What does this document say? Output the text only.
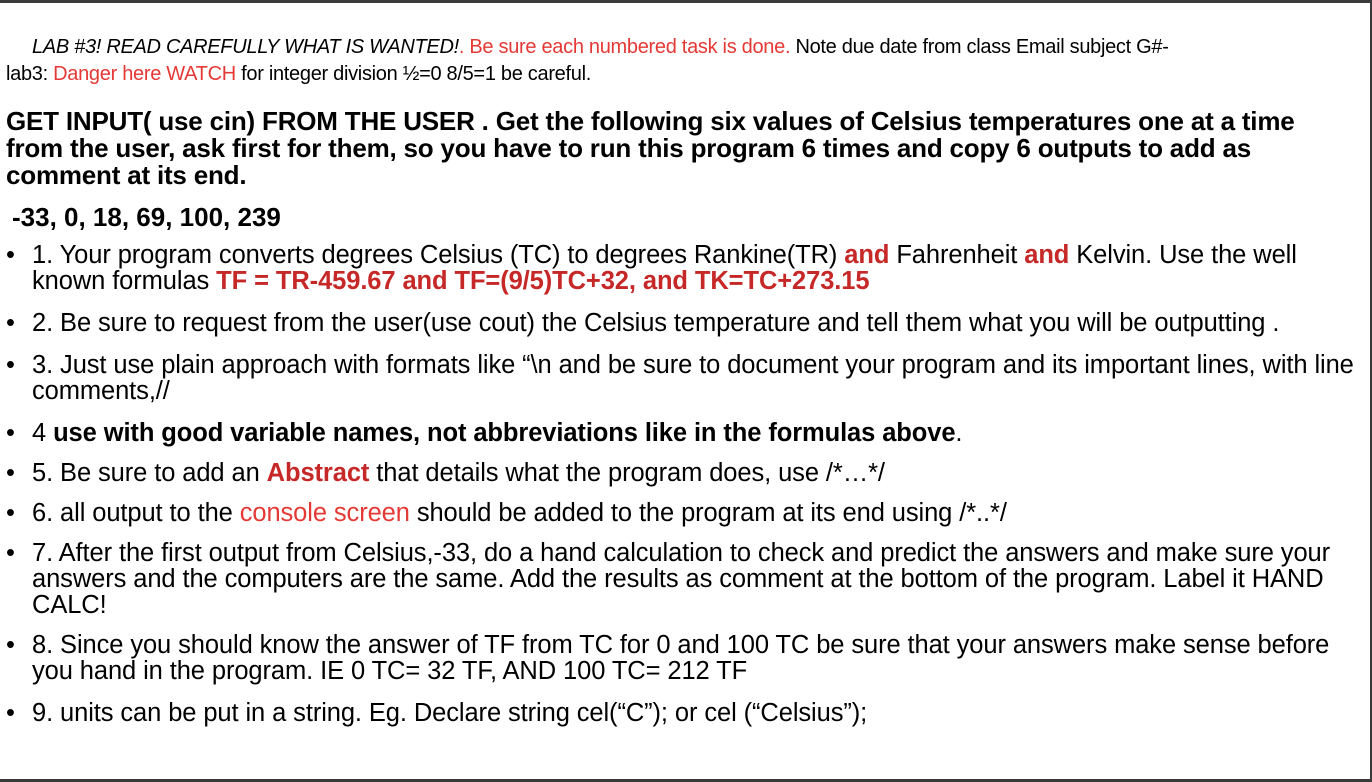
LAB #3! READ CAREFULLY WHAT IS WANTED!. Be sure each numbered task is done. Note due date from class Email subject G#-
lab3: Danger here WATCH for integer division ½=0 8/5=1 be careful.
GET INPUT( use cin) FROM THE USER . Get the following six values of Celsius temperatures one at a time from the user, ask first for them, so you have to run this program 6 times and copy 6 outputs to add as comment at its end.
-33, 0, 18, 69, 100, 239
• 1. Your program converts degrees Celsius (TC) to degrees Rankine(TR) and Fahrenheit and Kelvin. Use the well known formulas TF = TR-459.67 and TF=(9/5)TC+32, and TK=TC+273.15
• 2. Be sure to request from the user(use cout) the Celsius temperature and tell them what you will be outputting .
• 3. Just use plain approach with formats like “\n and be sure to document your program and its important lines, with line comments,//
• 4 use with good variable names, not abbreviations like in the formulas above.
• 5. Be sure to add an Abstract that details what the program does, use /*…*/
• 6. all output to the console screen should be added to the program at its end using /*..*/
• 7. After the first output from Celsius,-33, do a hand calculation to check and predict the answers and make sure your answers and the computers are the same. Add the results as comment at the bottom of the program. Label it HAND CALC!
• 8. Since you should know the answer of TF from TC for 0 and 100 TC be sure that your answers make sense before you hand in the program. IE 0 TC= 32 TF, AND 100 TC= 212 TF
• 9. units can be put in a string. Eg. Declare string cel(“C”); or cel (“Celsius”);
